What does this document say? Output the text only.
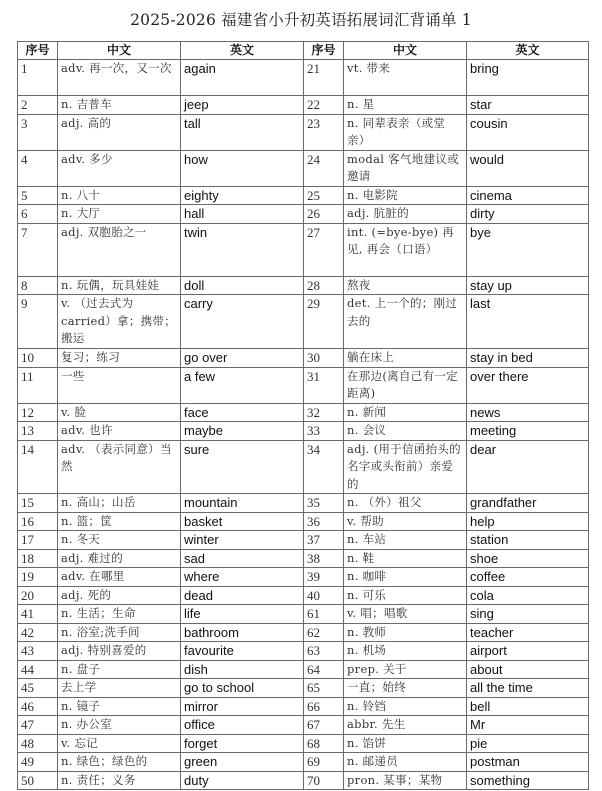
2025-2026 福建省小升初英语拓展词汇背诵单 1
序号	中文	英文	序号	中文	英文
1	adv. 再一次，又一次	again	21	vt. 带来	bring
2	n. 吉普车	jeep	22	n. 星	star
3	adj. 高的	tall	23	n. 同辈表亲（或堂亲）	cousin
4	adv. 多少	how	24	modal 客气地建议或邀请	would
5	n. 八十	eighty	25	n. 电影院	cinema
6	n. 大厅	hall	26	adj. 肮脏的	dirty
7	adj. 双胞胎之一	twin	27	int. (=bye-bye) 再见, 再会（口语）	bye
8	n. 玩偶，玩具娃娃	doll	28	熬夜	stay up
9	v. （过去式为 carried）拿；携带；搬运	carry	29	det. 上一个的；刚过去的	last
10	复习；练习	go over	30	躺在床上	stay in bed
11	一些	a few	31	在那边(离自己有一定距离)	over there
12	v. 脸	face	32	n. 新闻	news
13	adv. 也许	maybe	33	n. 会议	meeting
14	adv. （表示同意）当然	sure	34	adj. (用于信函抬头的名字或头衔前）亲爱的	dear
15	n. 高山；山岳	mountain	35	n. （外）祖父	grandfather
16	n. 篮；筐	basket	36	v. 帮助	help
17	n. 冬天	winter	37	n. 车站	station
18	adj. 难过的	sad	38	n. 鞋	shoe
19	adv. 在哪里	where	39	n. 咖啡	coffee
20	adj. 死的	dead	40	n. 可乐	cola
41	n. 生活；生命	life	61	v. 唱；唱歌	sing
42	n. 浴室;洗手间	bathroom	62	n. 教师	teacher
43	adj. 特别喜爱的	favourite	63	n. 机场	airport
44	n. 盘子	dish	64	prep. 关于	about
45	去上学	go to school	65	一直；始终	all the time
46	n. 镜子	mirror	66	n. 铃铛	bell
47	n. 办公室	office	67	abbr. 先生	Mr
48	v. 忘记	forget	68	n. 馅饼	pie
49	n. 绿色；绿色的	green	69	n. 邮递员	postman
50	n. 责任；义务	duty	70	pron. 某事；某物	something
